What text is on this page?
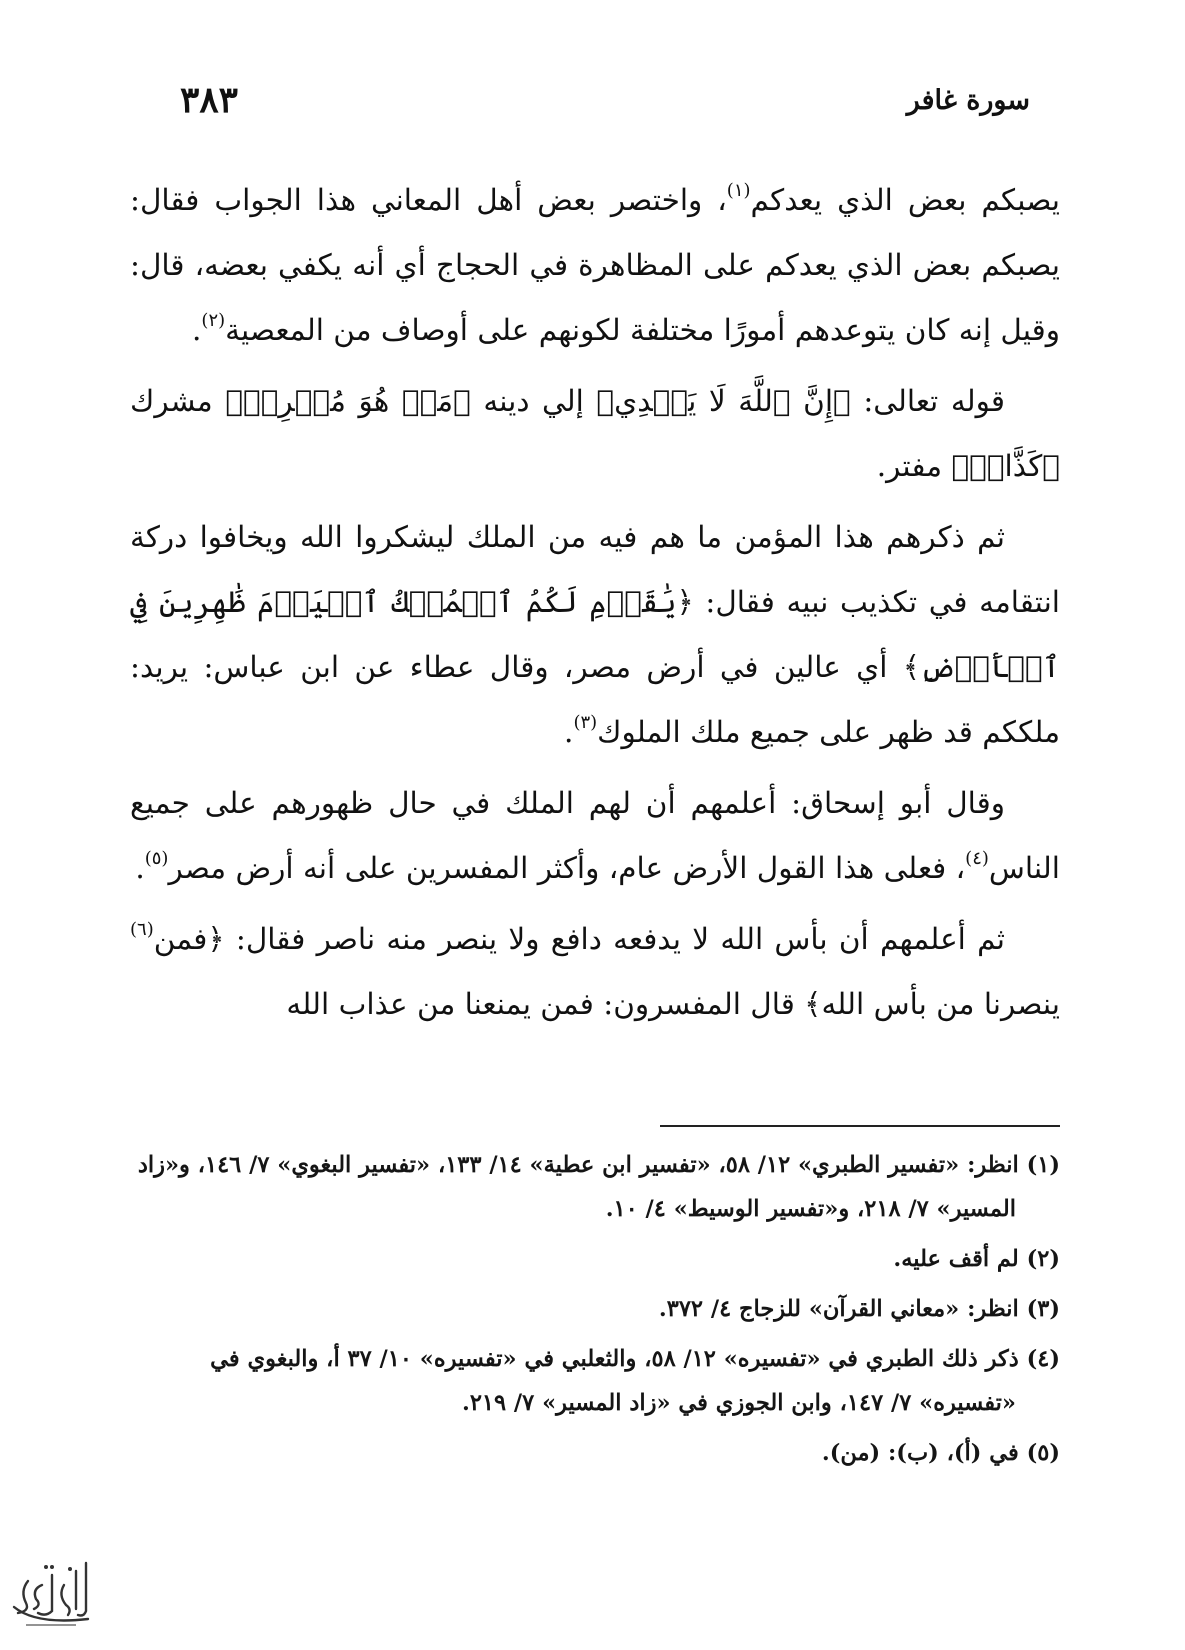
سورة غافر
٣٨٣

يصبكم بعض الذي يعدكم$^{(١)}$، واختصر بعض أهل المعاني هذا الجواب فقال: يصبكم بعض الذي يعدكم على المظاهرة في الحجاج أي أنه يكفي بعضه، قال: وقيل إنه كان يتوعدهم أمورًا مختلفة لكونهم على أوصاف من المعصية$^{(٢)}$.

قوله تعالى: ﴿إِنَّ ٱللَّهَ لَا يَهۡدِي﴾ إلي دينه ﴿مَنۡ هُوَ مُسۡرِفٞ﴾ مشرك ﴿كَذَّابٞ﴾ مفتر.

ثم ذكرهم هذا المؤمن ما هم فيه من الملك ليشكروا الله ويخافوا دركة انتقامه في تكذيب نبيه فقال: ﴿يَٰقَوۡمِ لَكُمُ ٱلۡمُلۡكُ ٱلۡيَوۡمَ ظَٰهِرِينَ فِي ٱلۡأَرۡضِ﴾ أي عالين في أرض مصر، وقال عطاء عن ابن عباس: يريد: ملككم قد ظهر على جميع ملك الملوك$^{(٣)}$.

وقال أبو إسحاق: أعلمهم أن لهم الملك في حال ظهورهم على جميع الناس$^{(٤)}$، فعلى هذا القول الأرض عام، وأكثر المفسرين على أنه أرض مصر$^{(٥)}$.

ثم أعلمهم أن بأس الله لا يدفعه دافع ولا ينصر منه ناصر فقال: ﴿فمن$^{(٦)}$ ينصرنا من بأس الله﴾ قال المفسرون: فمن يمنعنا من عذاب الله

(١) انظر: «تفسير الطبري» ١٢/ ٥٨، «تفسير ابن عطية» ١٤/ ١٣٣، «تفسير البغوي» ٧/ ١٤٦، و«زاد المسير» ٧/ ٢١٨، و«تفسير الوسيط» ٤/ ١٠.

(٢) لم أقف عليه.

(٣) انظر: «معاني القرآن» للزجاج ٤/ ٣٧٢.

(٤) ذكر ذلك الطبري في «تفسيره» ١٢/ ٥٨، والثعلبي في «تفسيره» ١٠/ ٣٧ أ، والبغوي في «تفسيره» ٧/ ١٤٧، وابن الجوزي في «زاد المسير» ٧/ ٢١٩.

(٥) في (أ)، (ب): (من).
